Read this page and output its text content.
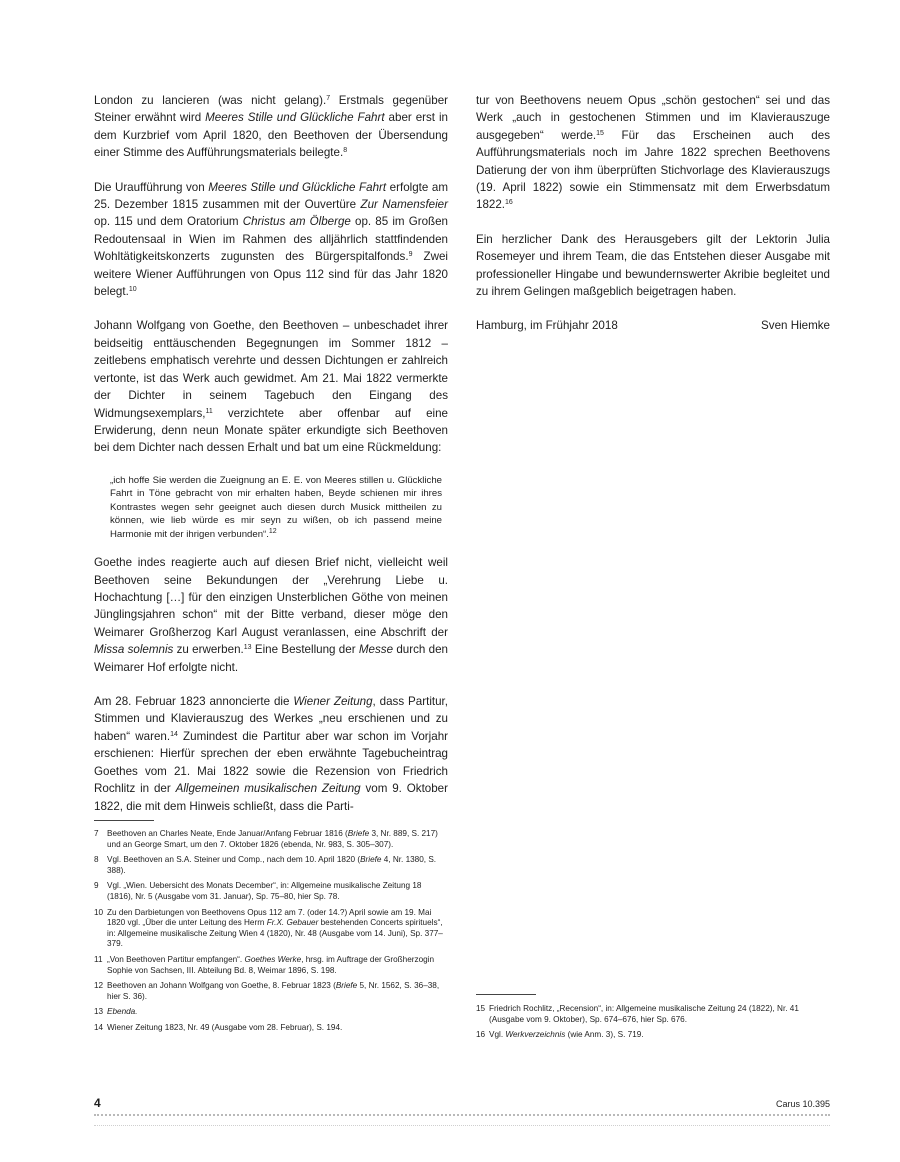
London zu lancieren (was nicht gelang).$^7$ Erstmals gegenüber Steiner erwähnt wird Meeres Stille und Glückliche Fahrt aber erst in dem Kurzbrief vom April 1820, den Beethoven der Übersendung einer Stimme des Aufführungsmaterials beilegte.$^8$

Die Uraufführung von Meeres Stille und Glückliche Fahrt erfolgte am 25. Dezember 1815 zusammen mit der Ouvertüre Zur Namensfeier op. 115 und dem Oratorium Christus am Ölberge op. 85 im Großen Redoutensaal in Wien im Rahmen des alljährlich stattfindenden Wohltätigkeitskonzerts zugunsten des Bürgerspitalfonds.$^9$ Zwei weitere Wiener Aufführungen von Opus 112 sind für das Jahr 1820 belegt.$^{10}$

Johann Wolfgang von Goethe, den Beethoven – unbeschadet ihrer beidseitig enttäuschenden Begegnungen im Sommer 1812 – zeitlebens emphatisch verehrte und dessen Dichtungen er zahlreich vertonte, ist das Werk auch gewidmet. Am 21. Mai 1822 vermerkte der Dichter in seinem Tagebuch den Eingang des Widmungsexemplars,$^{11}$ verzichtete aber offenbar auf eine Erwiderung, denn neun Monate später erkundigte sich Beethoven bei dem Dichter nach dessen Erhalt und bat um eine Rückmeldung:

„ich hoffe Sie werden die Zueignung an E. E. von Meeres stillen u. Glückliche Fahrt in Töne gebracht von mir erhalten haben, Beyde schienen mir ihres Kontrastes wegen sehr geeignet auch diesen durch Musick mittheilen zu können, wie lieb würde es mir seyn zu wißen, ob ich passend meine Harmonie mit der ihrigen verbunden“.$^{12}$

Goethe indes reagierte auch auf diesen Brief nicht, vielleicht weil Beethoven seine Bekundungen der „Verehrung Liebe u. Hochachtung […] für den einzigen Unsterblichen Göthe von meinen Jünglingsjahren schon“ mit der Bitte verband, dieser möge den Weimarer Großherzog Karl August veranlassen, eine Abschrift der Missa solemnis zu erwerben.$^{13}$ Eine Bestellung der Messe durch den Weimarer Hof erfolgte nicht.

Am 28. Februar 1823 annoncierte die Wiener Zeitung, dass Partitur, Stimmen und Klavierauszug des Werkes „neu erschienen und zu haben“ waren.$^{14}$ Zumindest die Partitur aber war schon im Vorjahr erschienen: Hierfür sprechen der eben erwähnte Tagebucheintrag Goethes vom 21. Mai 1822 sowie die Rezension von Friedrich Rochlitz in der Allgemeinen musikalischen Zeitung vom 9. Oktober 1822, die mit dem Hinweis schließt, dass die Parti-

tur von Beethovens neuem Opus „schön gestochen“ sei und das Werk „auch in gestochenen Stimmen und im Klavierauszuge ausgegeben“ werde.$^{15}$ Für das Erscheinen auch des Aufführungsmaterials noch im Jahre 1822 sprechen Beethovens Datierung der von ihm überprüften Stichvorlage des Klavierauszugs (19. April 1822) sowie ein Stimmensatz mit dem Erwerbsdatum 1822.16

Ein herzlicher Dank des Herausgebers gilt der Lektorin Julia Rosemeyer und ihrem Team, die das Entstehen dieser Ausgabe mit professioneller Hingabe und bewundernswerter Akribie begleitet und zu ihrem Gelingen maßgeblich beigetragen haben.

Hamburg, im Frühjahr 2018	Sven Hiemke
7	Beethoven an Charles Neate, Ende Januar/Anfang Februar 1816 (Briefe 3, Nr. 889, S. 217) und an George Smart, um den 7. Oktober 1826 (ebenda, Nr. 983, S. 305–307).
8	Vgl. Beethoven an S.A. Steiner und Comp., nach dem 10. April 1820 (Briefe 4, Nr. 1380, S. 388).
9	Vgl. „Wien. Uebersicht des Monats December“, in: Allgemeine musikalische Zeitung 18 (1816), Nr. 5 (Ausgabe vom 31. Januar), Sp. 75–80, hier Sp. 78.
10 Zu den Darbietungen von Beethovens Opus 112 am 7. (oder 14.?) April sowie am 19. Mai 1820 vgl. „Über die unter Leitung des Herrn Fr.X. Gebauer bestehenden Concerts spirituels“, in: Allgemeine musikalische Zeitung Wien 4 (1820), Nr. 48 (Ausgabe vom 14. Juni), Sp. 377–379.
11 „Von Beethoven Partitur empfangen“. Goethes Werke, hrsg. im Auftrage der Großherzogin Sophie von Sachsen, III. Abteilung Bd. 8, Weimar 1896, S. 198.
12 Beethoven an Johann Wolfgang von Goethe, 8. Februar 1823 (Briefe 5, Nr. 1562, S. 36–38, hier S. 36).
13 Ebenda.
14 Wiener Zeitung 1823, Nr. 49 (Ausgabe vom 28. Februar), S. 194.
15 Friedrich Rochlitz, „Recension“, in: Allgemeine musikalische Zeitung 24 (1822), Nr. 41 (Ausgabe vom 9. Oktober), Sp. 674–676, hier Sp. 676.
16 Vgl. Werkverzeichnis (wie Anm. 3), S. 719.
4	Carus 10.395
